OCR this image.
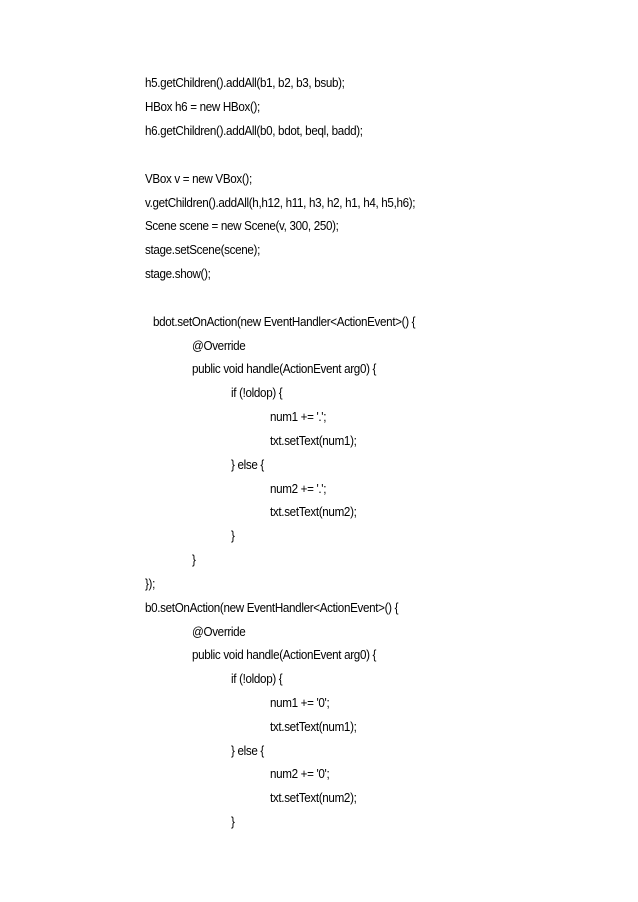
h5.getChildren().addAll(b1, b2, b3, bsub);
HBox h6 = new HBox();
h6.getChildren().addAll(b0, bdot, beql, badd);
VBox v = new VBox();
v.getChildren().addAll(h,h12, h11, h3, h2, h1, h4, h5,h6);
Scene scene = new Scene(v, 300, 250);
stage.setScene(scene);
stage.show();
bdot.setOnAction(new EventHandler<ActionEvent>() {
@Override
public void handle(ActionEvent arg0) {
if (!oldop) {
num1 += '.';
txt.setText(num1);
} else {
num2 += '.';
txt.setText(num2);
}
}
});
b0.setOnAction(new EventHandler<ActionEvent>() {
@Override
public void handle(ActionEvent arg0) {
if (!oldop) {
num1 += '0';
txt.setText(num1);
} else {
num2 += '0';
txt.setText(num2);
}
